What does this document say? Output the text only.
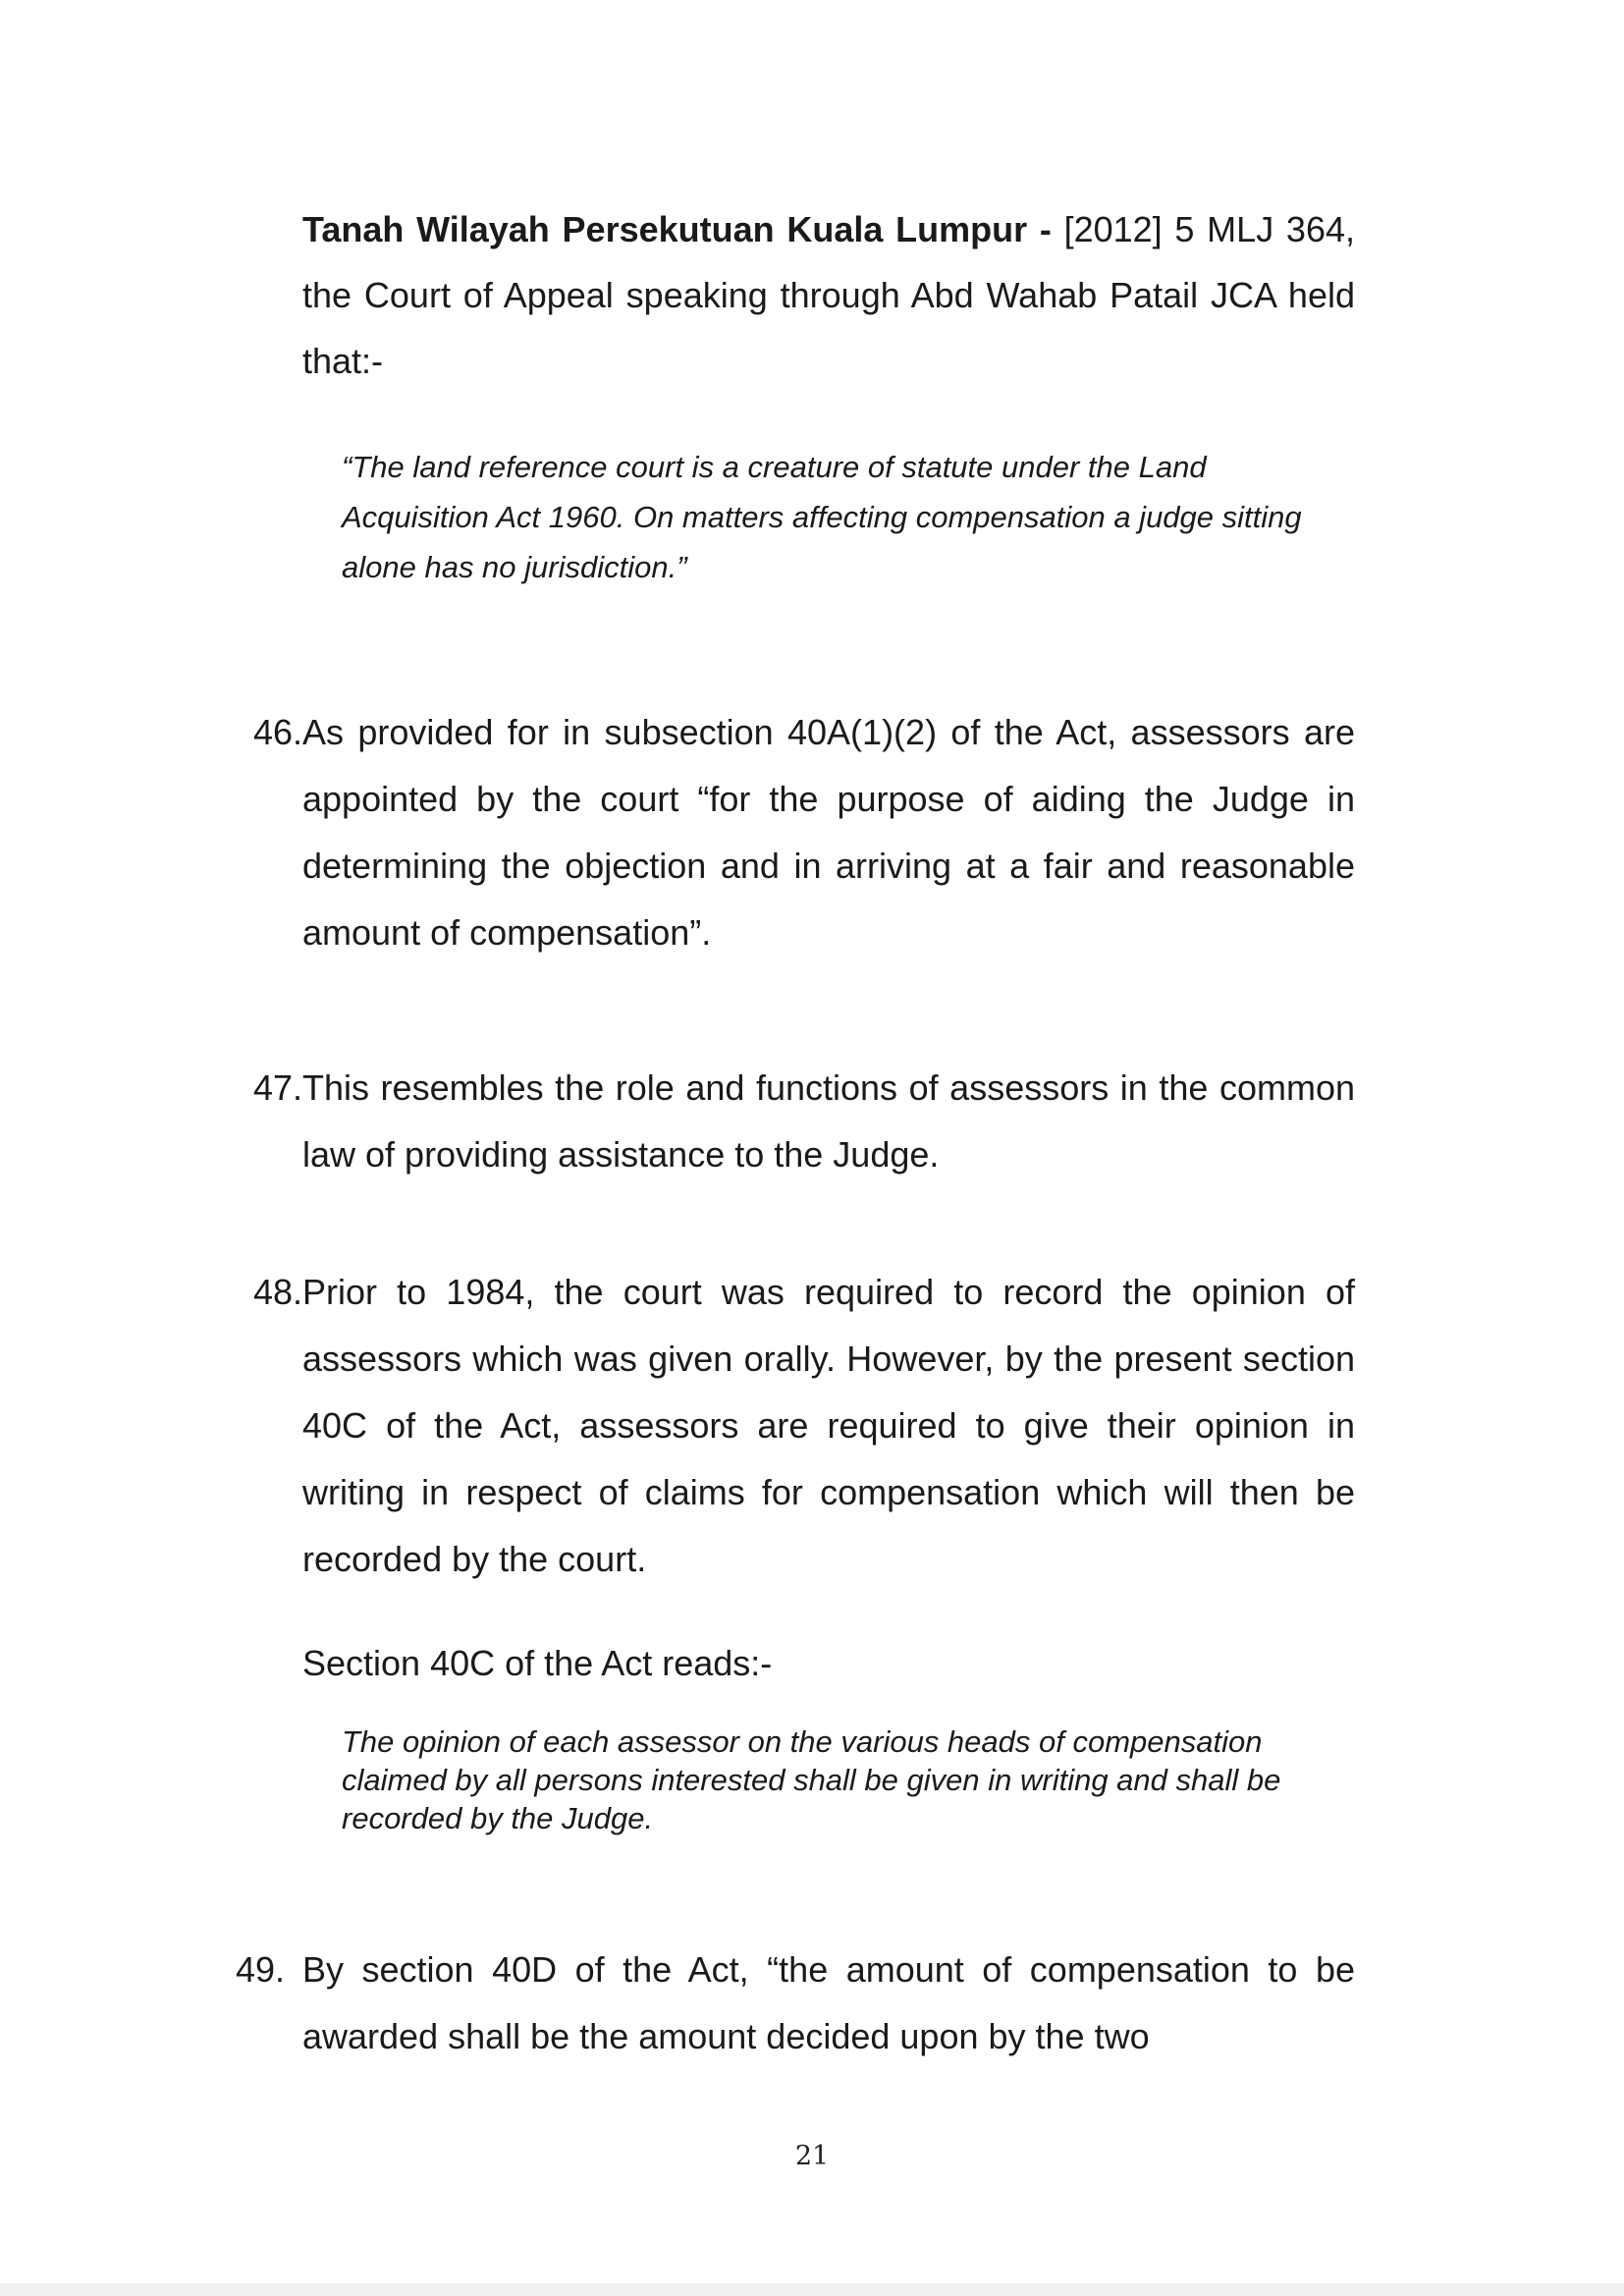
Tanah Wilayah Persekutuan Kuala Lumpur - [2012] 5 MLJ 364, the Court of Appeal speaking through Abd Wahab Patail JCA held that:-
“The land reference court is a creature of statute under the Land Acquisition Act 1960. On matters affecting compensation a judge sitting alone has no jurisdiction.”
46. As provided for in subsection 40A(1)(2) of the Act, assessors are appointed by the court “for the purpose of aiding the Judge in determining the objection and in arriving at a fair and reasonable amount of compensation”.
47. This resembles the role and functions of assessors in the common law of providing assistance to the Judge.
48. Prior to 1984, the court was required to record the opinion of assessors which was given orally. However, by the present section 40C of the Act, assessors are required to give their opinion in writing in respect of claims for compensation which will then be recorded by the court.
Section 40C of the Act reads:-
The opinion of each assessor on the various heads of compensation claimed by all persons interested shall be given in writing and shall be recorded by the Judge.
49. By section 40D of the Act, “the amount of compensation to be awarded shall be the amount decided upon by the two
21
